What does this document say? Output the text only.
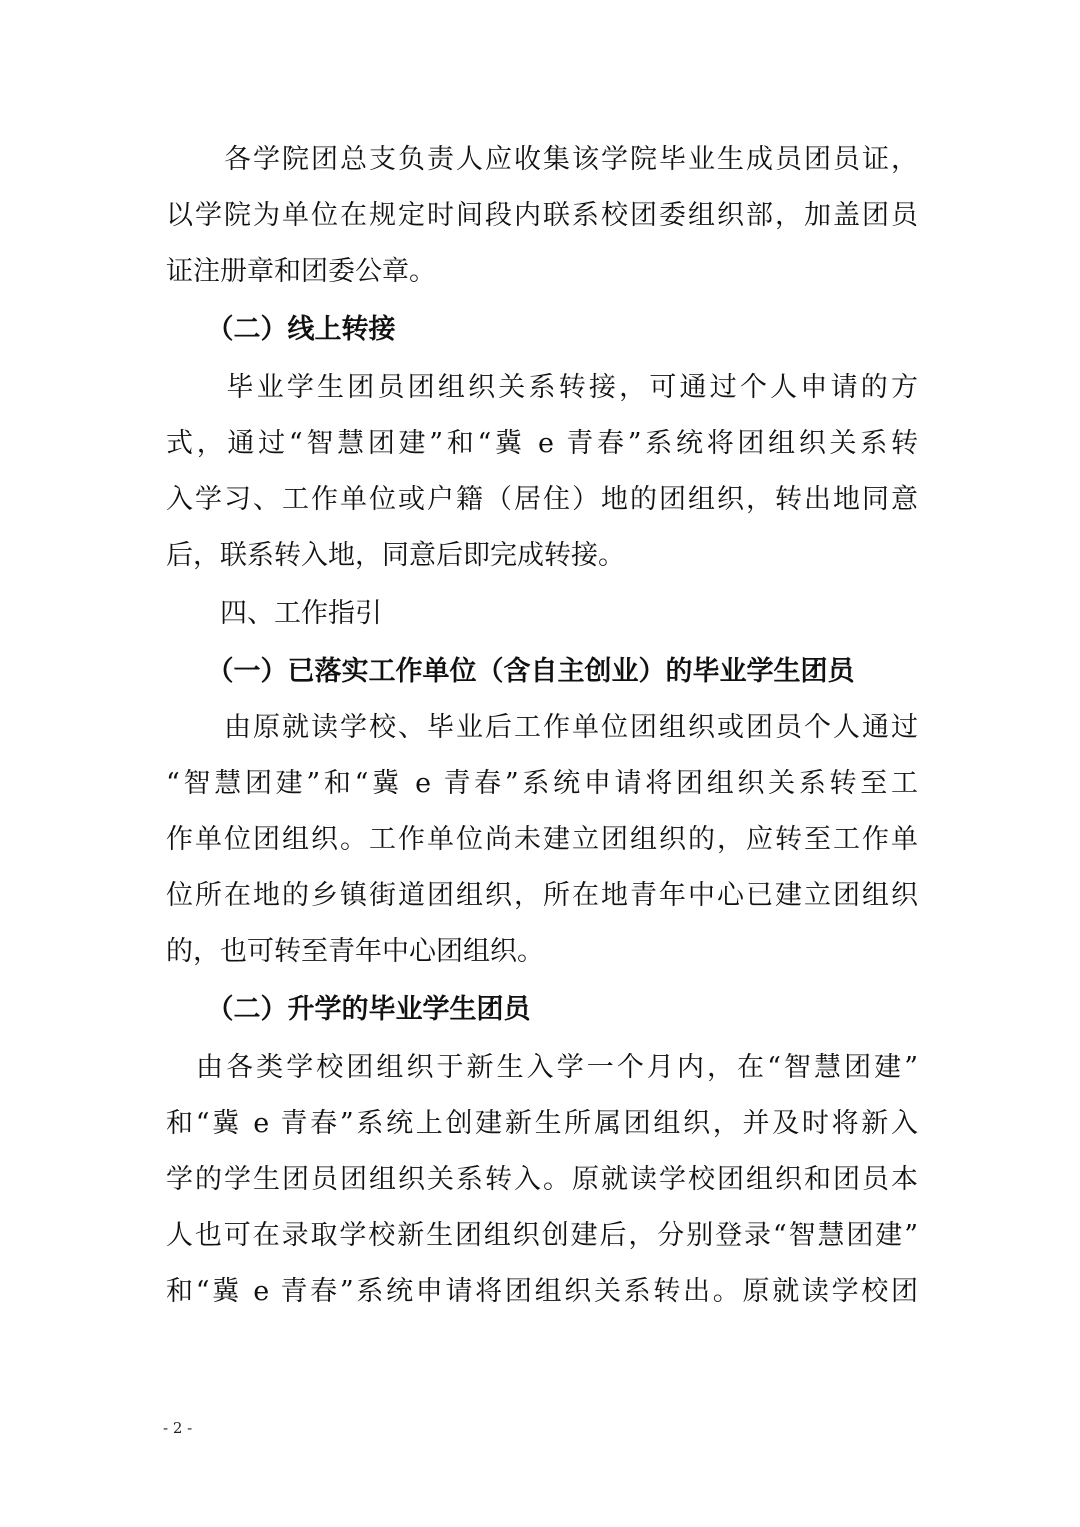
　　各学院团总支负责人应收集该学院毕业生成员团员证，
以学院为单位在规定时间段内联系校团委组织部，加盖团员
证注册章和团委公章。
　　（二）线上转接
　　毕业学生团员团组织关系转接，可通过个人申请的方
式，通过“智慧团建”和“冀 e 青春”系统将团组织关系转
入学习、工作单位或户籍（居住）地的团组织，转出地同意
后，联系转入地，同意后即完成转接。
　　四、工作指引
　　（一）已落实工作单位（含自主创业）的毕业学生团员
　　由原就读学校、毕业后工作单位团组织或团员个人通过
“智慧团建”和“冀 e 青春”系统申请将团组织关系转至工
作单位团组织。工作单位尚未建立团组织的，应转至工作单
位所在地的乡镇街道团组织，所在地青年中心已建立团组织
的，也可转至青年中心团组织。
　　（二）升学的毕业学生团员
　由各类学校团组织于新生入学一个月内，在“智慧团建”
和“冀 e 青春”系统上创建新生所属团组织，并及时将新入
学的学生团员团组织关系转入。原就读学校团组织和团员本
人也可在录取学校新生团组织创建后，分别登录“智慧团建”
和“冀 e 青春”系统申请将团组织关系转出。原就读学校团
- 2 -
